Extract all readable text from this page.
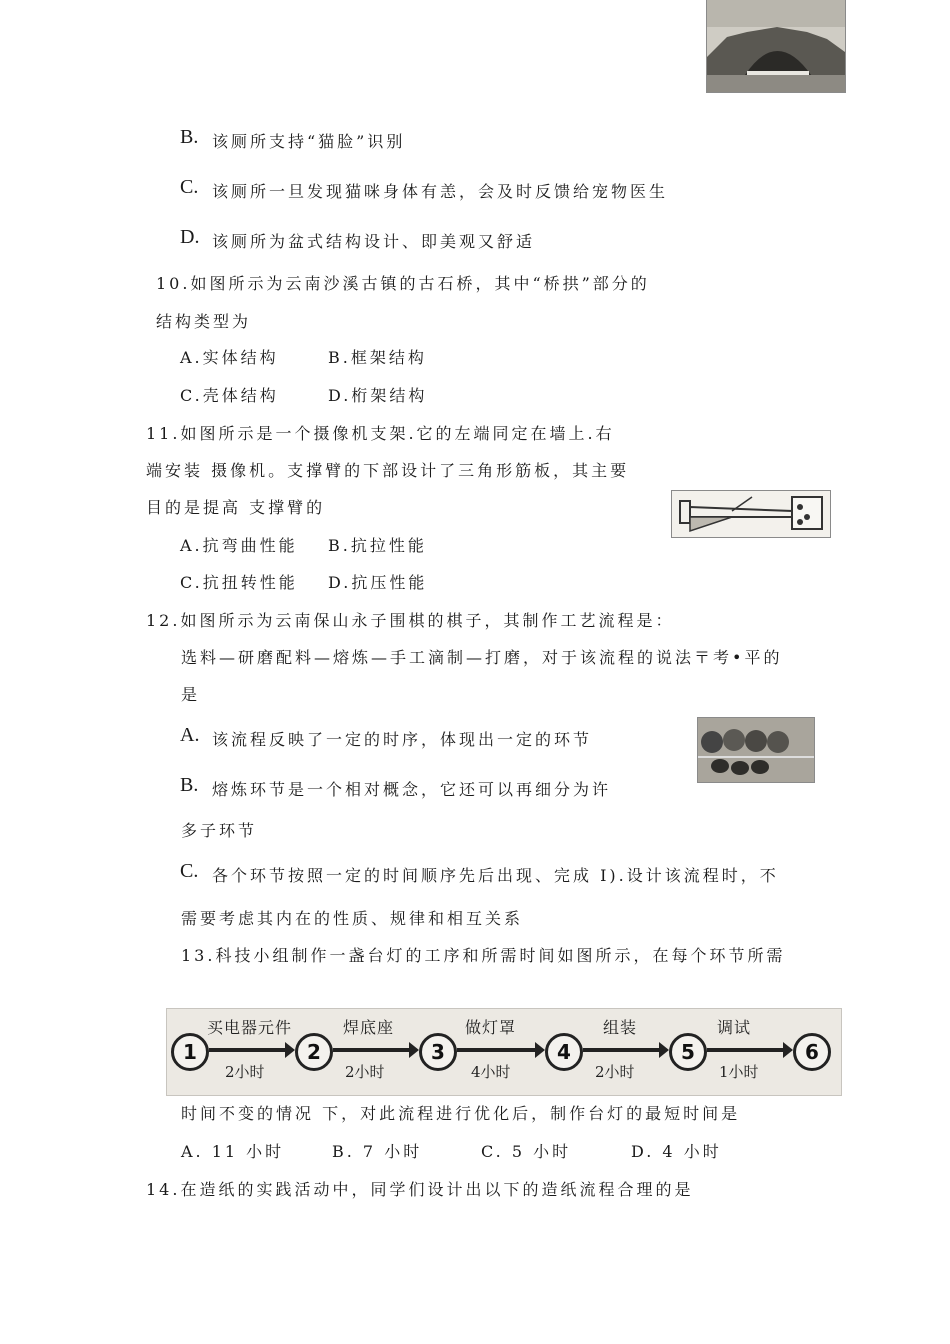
B. 该厕所支持“猫脸”识别
C. 该厕所一旦发现猫咪身体有恙，会及时反馈给宠物医生
D. 该厕所为盆式结构设计、即美观又舒适
10.如图所示为云南沙溪古镇的古石桥，其中“桥拱”部分的
结构类型为
A.实体结构	B.框架结构
C.壳体结构	D.桁架结构
11.如图所示是一个摄像机支架.它的左端同定在墙上.右
端安装 摄像机。支撑臂的下部设计了三角形筋板，其主要
目的是提高 支撑臂的
A.抗弯曲性能 B.抗拉性能
C.抗扭转性能 D.抗压性能
12.如图所示为云南保山永子围棋的棋子，其制作工艺流程是：
选料—研磨配料—熔炼—手工滴制—打磨，对于该流程的说法〒考•平的
是
A. 该流程反映了一定的时序，体现出一定的环节
B. 熔炼环节是一个相对概念，它还可以再细分为许
多子环节
C. 各个环节按照一定的时间顺序先后出现、完成 I).设计该流程时，不
需要考虑其内在的性质、规律和相互关系
13.科技小组制作一盏台灯的工序和所需时间如图所示，在每个环节所需
1	2	3	4	5	6
买电器元件	焊底座	做灯罩	组装	调试
2小时	2小时	4小时	2小时	1小时
时间不变的情况 下，对此流程进行优化后，制作台灯的最短时间是
A. 11 小时	B. 7 小时	C. 5 小时	D. 4 小时
14.在造纸的实践活动中，同学们设计出以下的造纸流程合理的是
